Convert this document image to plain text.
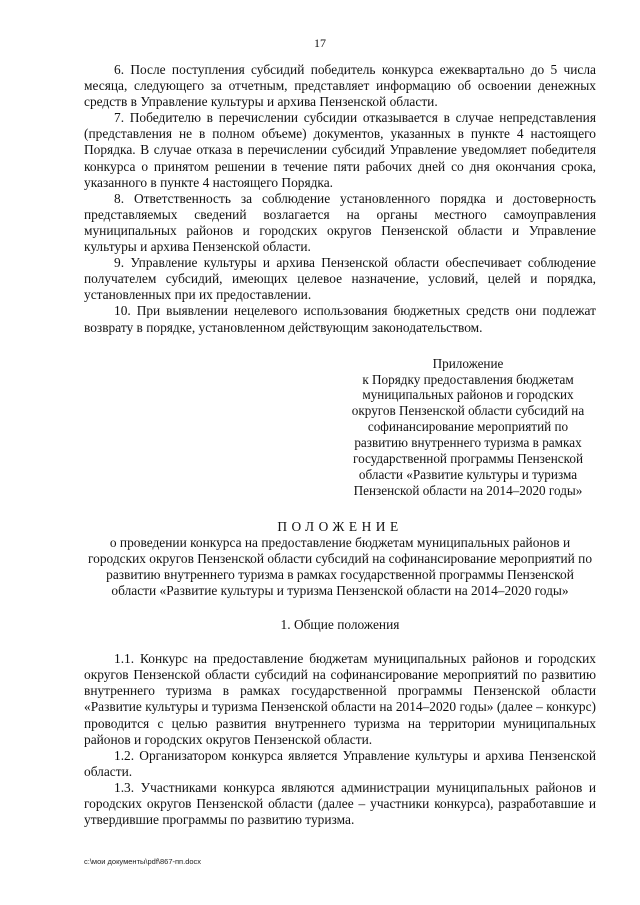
17

6. После поступления субсидий победитель конкурса ежеквартально до 5 числа месяца, следующего за отчетным, представляет информацию об освоении денежных средств в Управление культуры и архива Пензенской области.

7. Победителю в перечислении субсидии отказывается в случае непредставления (представления не в полном объеме) документов, указанных в пункте 4 настоящего Порядка. В случае отказа в перечислении субсидий Управление уведомляет победителя конкурса о принятом решении в течение пяти рабочих дней со дня окончания срока, указанного в пункте 4 настоящего Порядка.

8. Ответственность за соблюдение установленного порядка и достоверность представляемых сведений возлагается на органы местного самоуправления муниципальных районов и городских округов Пензенской области и Управление культуры и архива Пензенской области.

9. Управление культуры и архива Пензенской области обеспечивает соблюдение получателем субсидий, имеющих целевое назначение, условий, целей и порядка, установленных при их предоставлении.

10. При выявлении нецелевого использования бюджетных средств они подлежат возврату в порядке, установленном действующим законодательством.

Приложение
к Порядку предоставления бюджетам муниципальных районов и городских округов Пензенской области субсидий на софинансирование мероприятий по развитию внутреннего туризма в рамках государственной программы Пензенской области «Развитие культуры и туризма Пензенской области на 2014–2020 годы»
ПОЛОЖЕНИЕ
о проведении конкурса на предоставление бюджетам муниципальных районов и городских округов Пензенской области субсидий на софинансирование мероприятий по развитию внутреннего туризма в рамках государственной программы Пензенской области «Развитие культуры и туризма Пензенской области на 2014–2020 годы»
1. Общие положения

1.1. Конкурс на предоставление бюджетам муниципальных районов и городских округов Пензенской области субсидий на софинансирование мероприятий по развитию внутреннего туризма в рамках государственной программы Пензенской области «Развитие культуры и туризма Пензенской области на 2014–2020 годы» (далее – конкурс) проводится с целью развития внутреннего туризма на территории муниципальных районов и городских округов Пензенской области.

1.2. Организатором конкурса является Управление культуры и архива Пензенской области.

1.3. Участниками конкурса являются администрации муниципальных районов и городских округов Пензенской области (далее – участники конкурса), разработавшие и утвердившие программы по развитию туризма.

c:\мои документы\pdf\867-пп.docx
